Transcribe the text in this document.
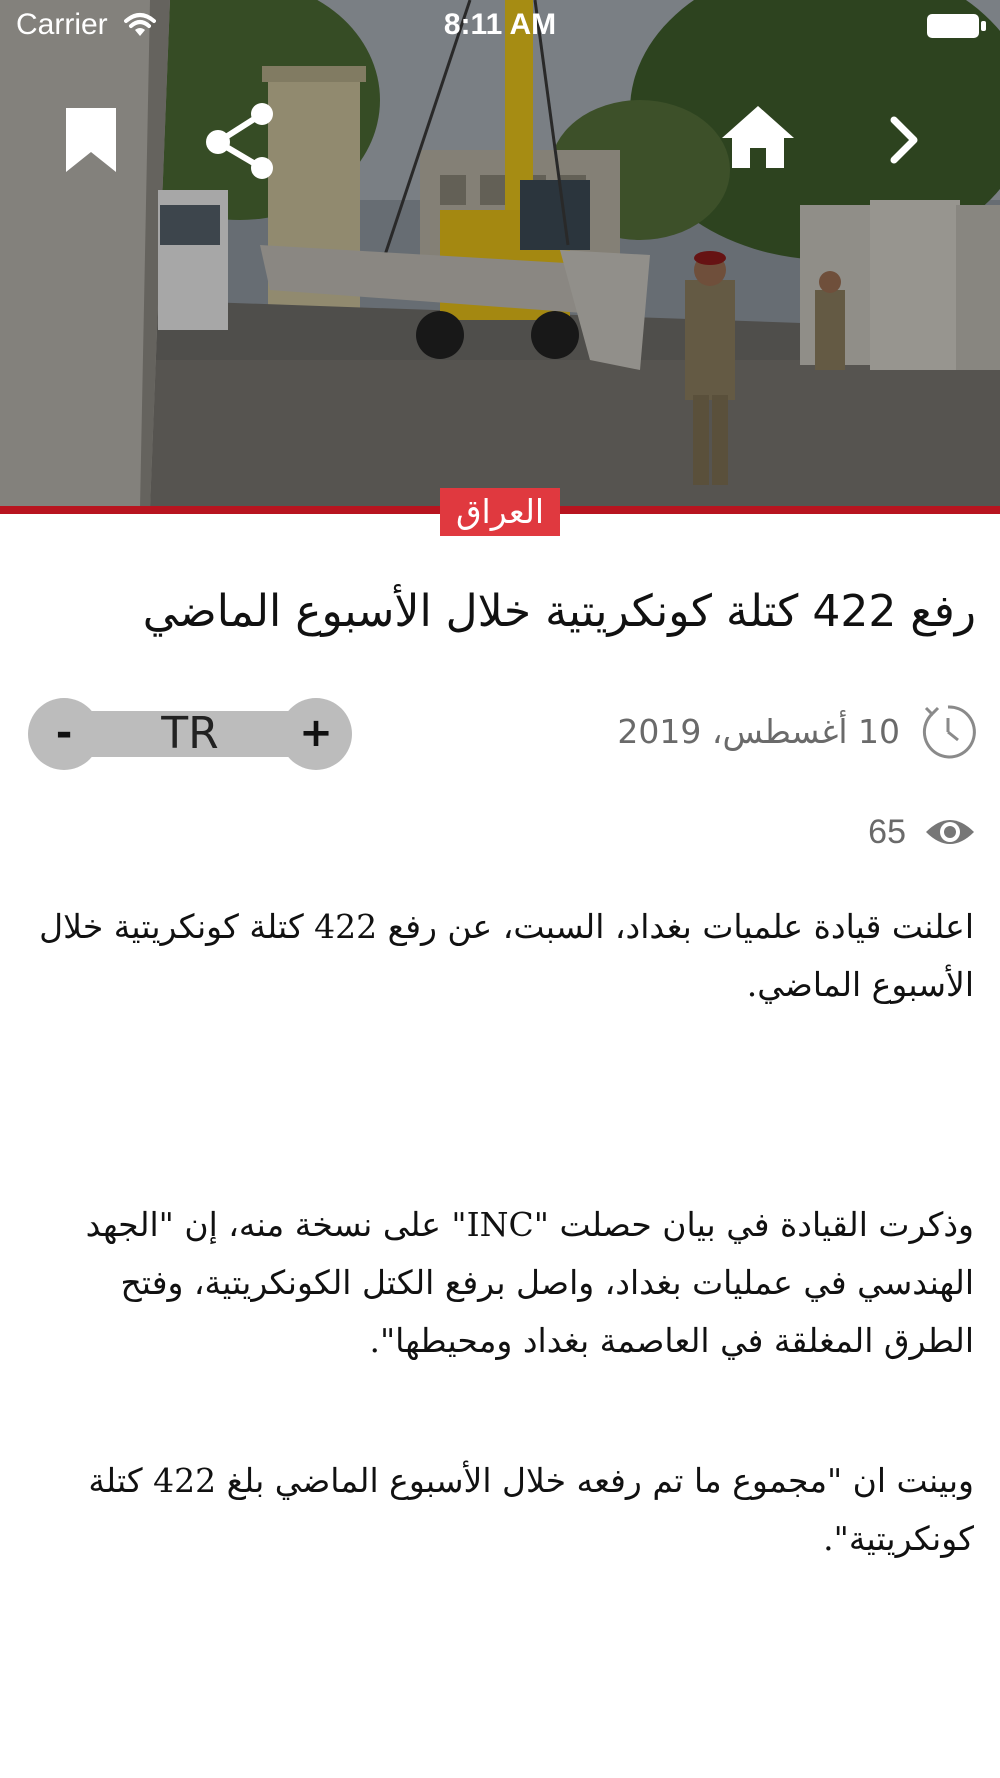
العراق
Carrier	8:11 AM
رفع 422 كتلة كونكريتية خلال الأسبوع الماضي
-	TR	+	10 أغسطس، 2019
65

اعلنت قيادة علميات بغداد، السبت، عن رفع 422 كتلة كونكريتية خلال الأسبوع الماضي.

وذكرت القيادة في بيان حصلت "INC" على نسخة منه، إن "الجهد الهندسي في عمليات بغداد، واصل برفع الكتل الكونكريتية، وفتح الطرق المغلقة في العاصمة بغداد ومحيطها".

وبينت ان "مجموع ما تم رفعه خلال الأسبوع الماضي بلغ 422 كتلة كونكريتية".
